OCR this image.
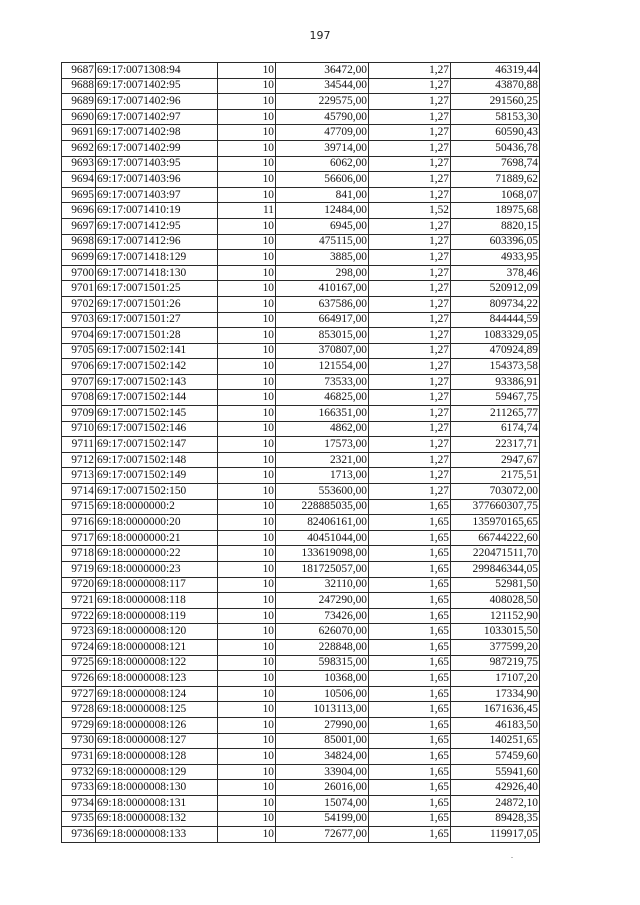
197
9687	69:17:0071308:94	10	36472,00	1,27	46319,44
9688	69:17:0071402:95	10	34544,00	1,27	43870,88
9689	69:17:0071402:96	10	229575,00	1,27	291560,25
9690	69:17:0071402:97	10	45790,00	1,27	58153,30
9691	69:17:0071402:98	10	47709,00	1,27	60590,43
9692	69:17:0071402:99	10	39714,00	1,27	50436,78
9693	69:17:0071403:95	10	6062,00	1,27	7698,74
9694	69:17:0071403:96	10	56606,00	1,27	71889,62
9695	69:17:0071403:97	10	841,00	1,27	1068,07
9696	69:17:0071410:19	11	12484,00	1,52	18975,68
9697	69:17:0071412:95	10	6945,00	1,27	8820,15
9698	69:17:0071412:96	10	475115,00	1,27	603396,05
9699	69:17:0071418:129	10	3885,00	1,27	4933,95
9700	69:17:0071418:130	10	298,00	1,27	378,46
9701	69:17:0071501:25	10	410167,00	1,27	520912,09
9702	69:17:0071501:26	10	637586,00	1,27	809734,22
9703	69:17:0071501:27	10	664917,00	1,27	844444,59
9704	69:17:0071501:28	10	853015,00	1,27	1083329,05
9705	69:17:0071502:141	10	370807,00	1,27	470924,89
9706	69:17:0071502:142	10	121554,00	1,27	154373,58
9707	69:17:0071502:143	10	73533,00	1,27	93386,91
9708	69:17:0071502:144	10	46825,00	1,27	59467,75
9709	69:17:0071502:145	10	166351,00	1,27	211265,77
9710	69:17:0071502:146	10	4862,00	1,27	6174,74
9711	69:17:0071502:147	10	17573,00	1,27	22317,71
9712	69:17:0071502:148	10	2321,00	1,27	2947,67
9713	69:17:0071502:149	10	1713,00	1,27	2175,51
9714	69:17:0071502:150	10	553600,00	1,27	703072,00
9715	69:18:0000000:2	10	228885035,00	1,65	377660307,75
9716	69:18:0000000:20	10	82406161,00	1,65	135970165,65
9717	69:18:0000000:21	10	40451044,00	1,65	66744222,60
9718	69:18:0000000:22	10	133619098,00	1,65	220471511,70
9719	69:18:0000000:23	10	181725057,00	1,65	299846344,05
9720	69:18:0000008:117	10	32110,00	1,65	52981,50
9721	69:18:0000008:118	10	247290,00	1,65	408028,50
9722	69:18:0000008:119	10	73426,00	1,65	121152,90
9723	69:18:0000008:120	10	626070,00	1,65	1033015,50
9724	69:18:0000008:121	10	228848,00	1,65	377599,20
9725	69:18:0000008:122	10	598315,00	1,65	987219,75
9726	69:18:0000008:123	10	10368,00	1,65	17107,20
9727	69:18:0000008:124	10	10506,00	1,65	17334,90
9728	69:18:0000008:125	10	1013113,00	1,65	1671636,45
9729	69:18:0000008:126	10	27990,00	1,65	46183,50
9730	69:18:0000008:127	10	85001,00	1,65	140251,65
9731	69:18:0000008:128	10	34824,00	1,65	57459,60
9732	69:18:0000008:129	10	33904,00	1,65	55941,60
9733	69:18:0000008:130	10	26016,00	1,65	42926,40
9734	69:18:0000008:131	10	15074,00	1,65	24872,10
9735	69:18:0000008:132	10	54199,00	1,65	89428,35
9736	69:18:0000008:133	10	72677,00	1,65	119917,05
